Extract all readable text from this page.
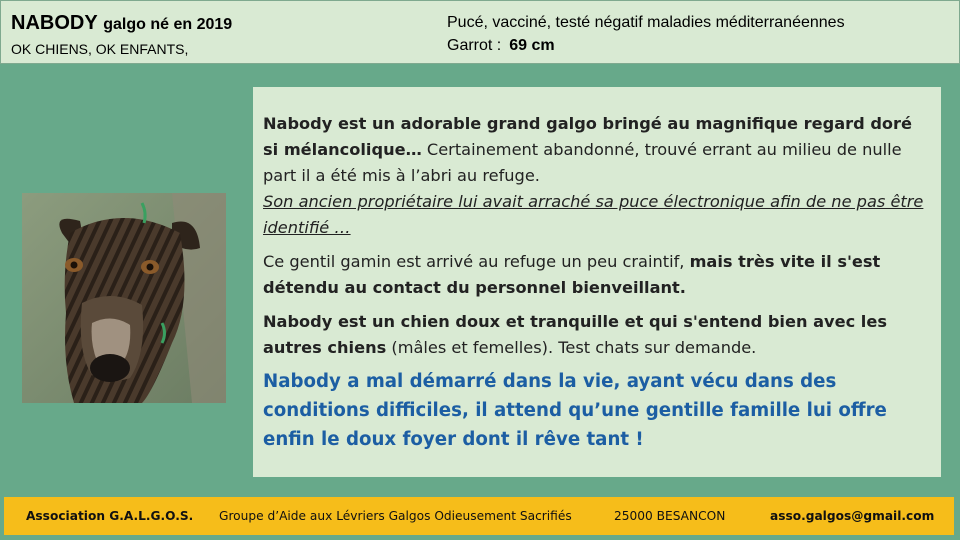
NABODY galgo né en 2019
OK CHIENS, OK ENFANTS,
Pucé, vacciné, testé négatif maladies méditerranéennes
Garrot : 69 cm

Nabody est un adorable grand galgo bringé au magnifique regard doré si mélancolique… Certainement abandonné, trouvé errant au milieu de nulle part il a été mis à l’abri au refuge.
Son ancien propriétaire lui avait arraché sa puce électronique afin de ne pas être identifié …

Ce gentil gamin est arrivé au refuge un peu craintif, mais très vite il s'est détendu au contact du personnel bienveillant.

Nabody est un chien doux et tranquille et qui s'entend bien avec les autres chiens (mâles et femelles). Test chats sur demande.

Nabody a mal démarré dans la vie, ayant vécu dans des conditions difficiles, il attend qu’une gentille famille lui offre enfin le doux foyer dont il rêve tant !

Association G.A.L.G.O.S. Groupe d’Aide aux Lévriers Galgos Odieusement Sacrifiés	25000 BESANCON	asso.galgos@gmail.com
